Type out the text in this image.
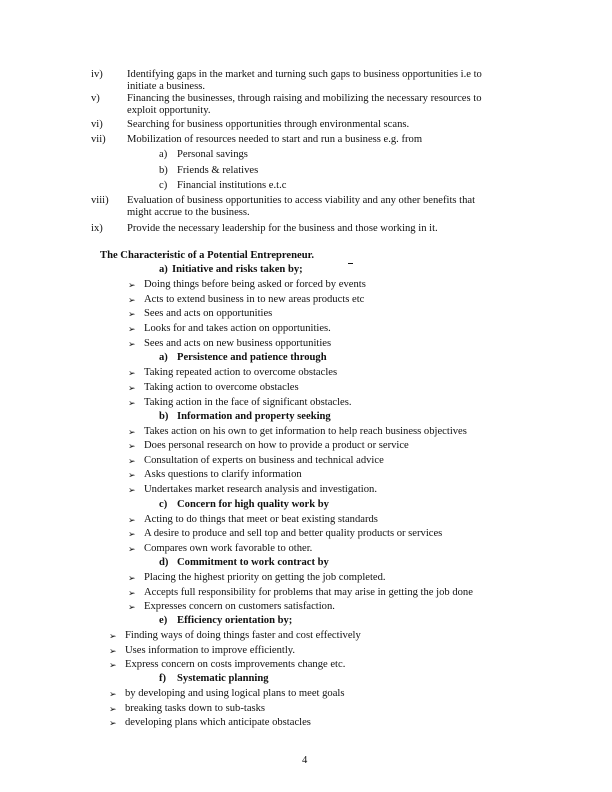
iv) Identifying gaps in the market and turning such gaps to business opportunities i.e to
initiate a business.
v)	Financing the businesses, through raising and mobilizing the necessary resources to
exploit opportunity.
vi) Searching for business opportunities through environmental scans.
vii) Mobilization of resources needed to start and run a business e.g. from
a) Personal savings
b) Friends & relatives
c) Financial institutions e.t.c
viii) Evaluation of business opportunities to access viability and any other benefits that
might accrue to the business.
ix) Provide the necessary leadership for the business and those working in it.
The Characteristic of a Potential Entrepreneur.
a) Initiative and risks taken by;
➢ Doing things before being asked or forced by events
➢ Acts to extend business in to new areas products etc
➢ Sees and acts on opportunities
➢ Looks for and takes action on opportunities.
➢ Sees and acts on new business opportunities
a) Persistence and patience through
➢ Taking repeated action to overcome obstacles
➢ Taking action to overcome obstacles
➢ Taking action in the face of significant obstacles.
b) Information and property seeking
➢ Takes action on his own to get information to help reach business objectives
➢ Does personal research on how to provide a product or service
➢ Consultation of experts on business and technical advice
➢ Asks questions to clarify information
➢ Undertakes market research analysis and investigation.
c) Concern for high quality work by
➢ Acting to do things that meet or beat existing standards
➢ A desire to produce and sell top and better quality products or services
➢ Compares own work favorable to other.
d) Commitment to work contract by
➢ Placing the highest priority on getting the job completed.
➢ Accepts full responsibility for problems that may arise in getting the job done
➢ Expresses concern on customers satisfaction.
e) Efficiency orientation by;
➢ Finding ways of doing things faster and cost effectively
➢ Uses information to improve efficiently.
➢ Express concern on costs improvements change etc.
f) Systematic planning
➢ by developing and using logical plans to meet goals
➢ breaking tasks down to sub-tasks
➢ developing plans which anticipate obstacles
4
